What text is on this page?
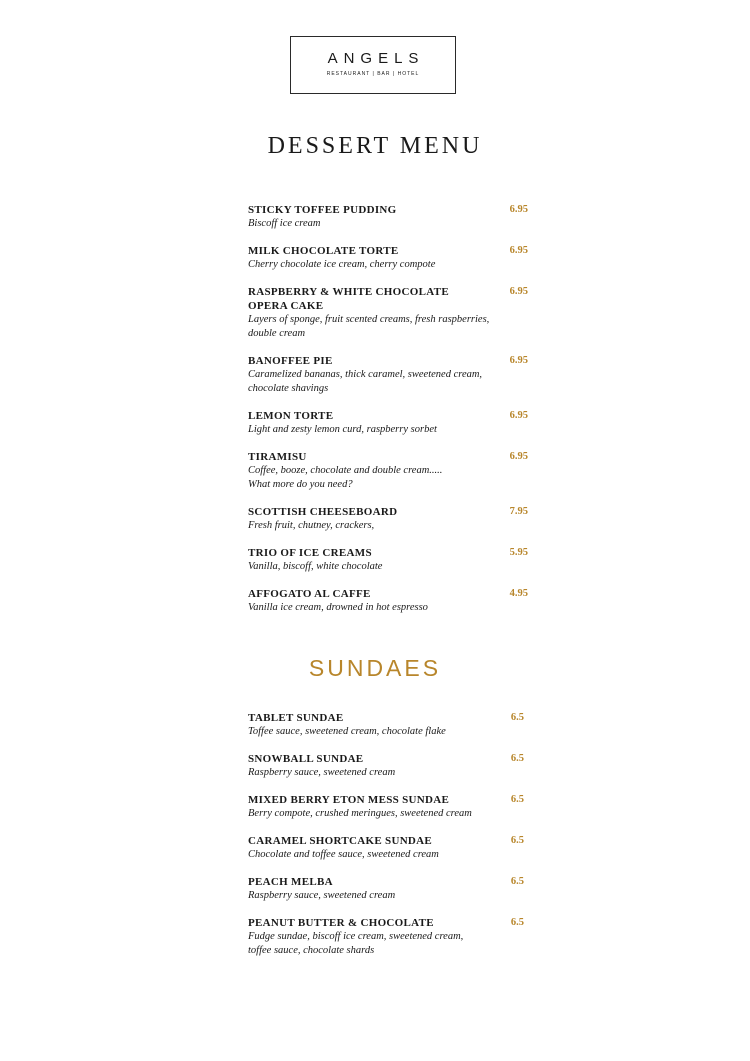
ANGELS
RESTAURANT | BAR | HOTEL
DESSERT MENU
STICKY TOFFEE PUDDING
Biscoff ice cream
6.95
MILK CHOCOLATE TORTE
Cherry chocolate ice cream, cherry compote
6.95
RASPBERRY & WHITE CHOCOLATE OPERA CAKE
Layers of sponge, fruit scented creams, fresh raspberries, double cream
6.95
BANOFFEE PIE
Caramelized bananas, thick caramel, sweetened cream, chocolate shavings
6.95
LEMON TORTE
Light and zesty lemon curd, raspberry sorbet
6.95
TIRAMISU
Coffee, booze, chocolate and double cream..... What more do you need?
6.95
SCOTTISH CHEESEBOARD
Fresh fruit, chutney, crackers,
7.95
TRIO OF ICE CREAMS
Vanilla, biscoff, white chocolate
5.95
AFFOGATO AL CAFFE
Vanilla ice cream, drowned in hot espresso
4.95
SUNDAES
TABLET SUNDAE
Toffee sauce, sweetened cream, chocolate flake
6.5
SNOWBALL SUNDAE
Raspberry sauce, sweetened cream
6.5
MIXED BERRY ETON MESS SUNDAE
Berry compote, crushed meringues, sweetened cream
6.5
CARAMEL SHORTCAKE SUNDAE
Chocolate and toffee sauce, sweetened cream
6.5
PEACH MELBA
Raspberry sauce, sweetened cream
6.5
PEANUT BUTTER & CHOCOLATE
Fudge sundae, biscoff ice cream, sweetened cream, toffee sauce, chocolate shards
6.5
